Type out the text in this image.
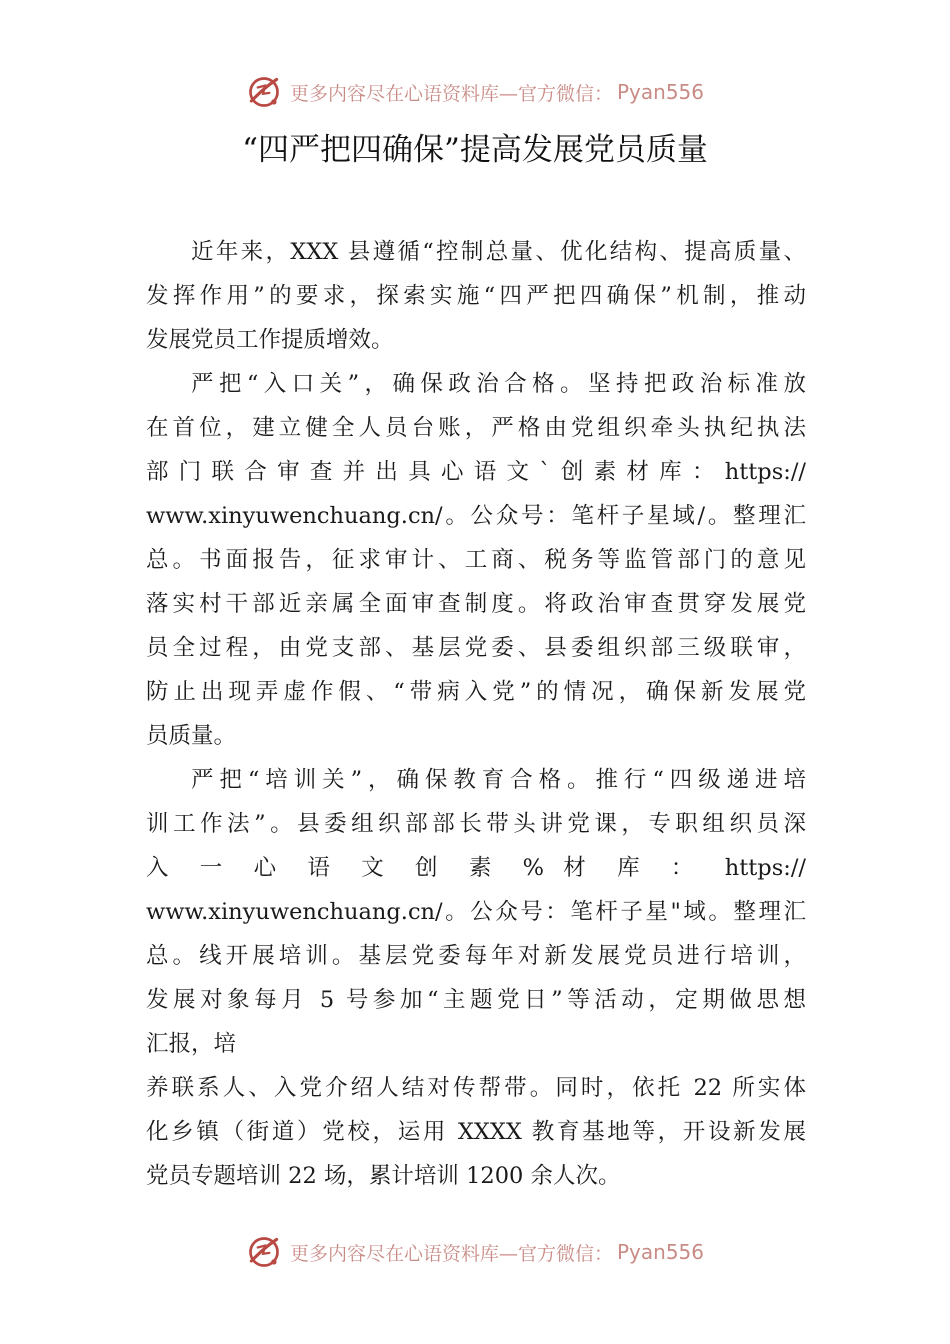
更多内容尽在心语资料库—官方微信： Pyan556
“四严把四确保”提高发展党员质量

近年来，XXX 县遵循“控制总量、优化结构、提高质量、
发挥作用”的要求，探索实施“四严把四确保”机制，推动
发展党员工作提质增效。

严把“入口关”，确保政治合格。坚持把政治标准放
在首位，建立健全人员台账，严格由党组织牵头执纪执法
部门联合审查并出具心语文`创素材库：https://
www.xinyuwenchuang.cn/。公众号：笔杆子星域/。整理汇
总。书面报告，征求审计、工商、税务等监管部门的意见
落实村干部近亲属全面审查制度。将政治审查贯穿发展党
员全过程，由党支部、基层党委、县委组织部三级联审，
防止出现弄虚作假、“带病入党”的情况，确保新发展党
员质量。

严把“培训关”，确保教育合格。推行“四级递进培
训工作法”。县委组织部部长带头讲党课，专职组织员深
入 一 心 语 文 创 素 % 材 库 ： https://
www.xinyuwenchuang.cn/。公众号：笔杆子星"域。整理汇
总。线开展培训。基层党委每年对新发展党员进行培训，
发展对象每月 5 号参加“主题党日”等活动，定期做思想
汇报，培
养联系人、入党介绍人结对传帮带。同时，依托 22 所实体
化乡镇（街道）党校，运用 XXXX 教育基地等，开设新发展
党员专题培训 22 场，累计培训 1200 余人次。

更多内容尽在心语资料库—官方微信： Pyan556
